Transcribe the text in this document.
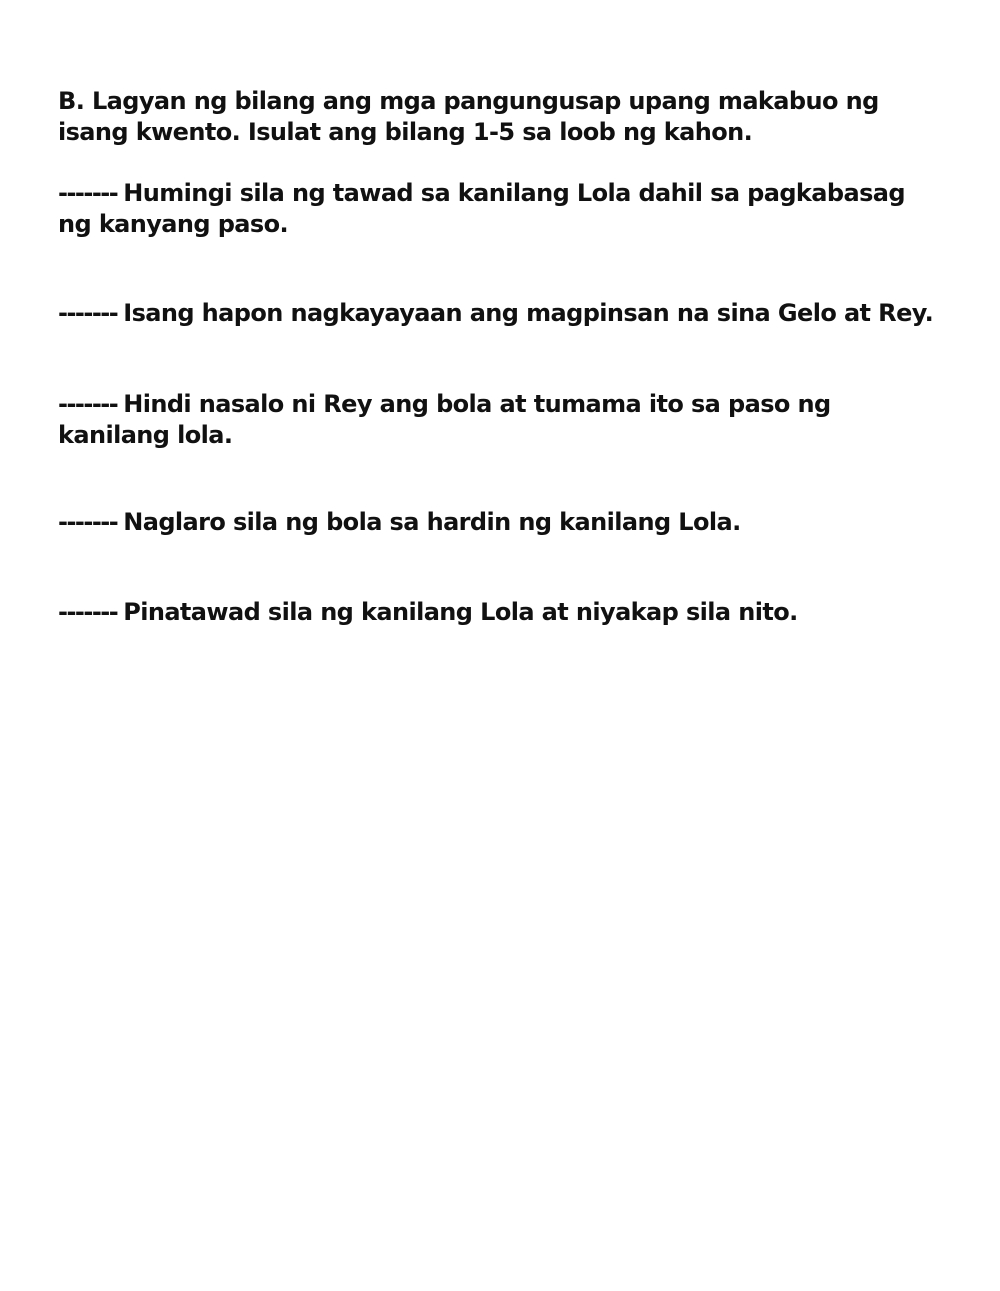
B. Lagyan ng bilang ang mga pangungusap upang makabuo ng isang kwento. Isulat ang bilang 1-5 sa loob ng kahon.

------- Humingi sila ng tawad sa kanilang Lola dahil sa pagkabasag ng kanyang paso.

------- Isang hapon nagkayayaan ang magpinsan na sina Gelo at Rey.

------- Hindi nasalo ni Rey ang bola at tumama ito sa paso ng kanilang lola.

------- Naglaro sila ng bola sa hardin ng kanilang Lola.

------- Pinatawad sila ng kanilang Lola at niyakap sila nito.
